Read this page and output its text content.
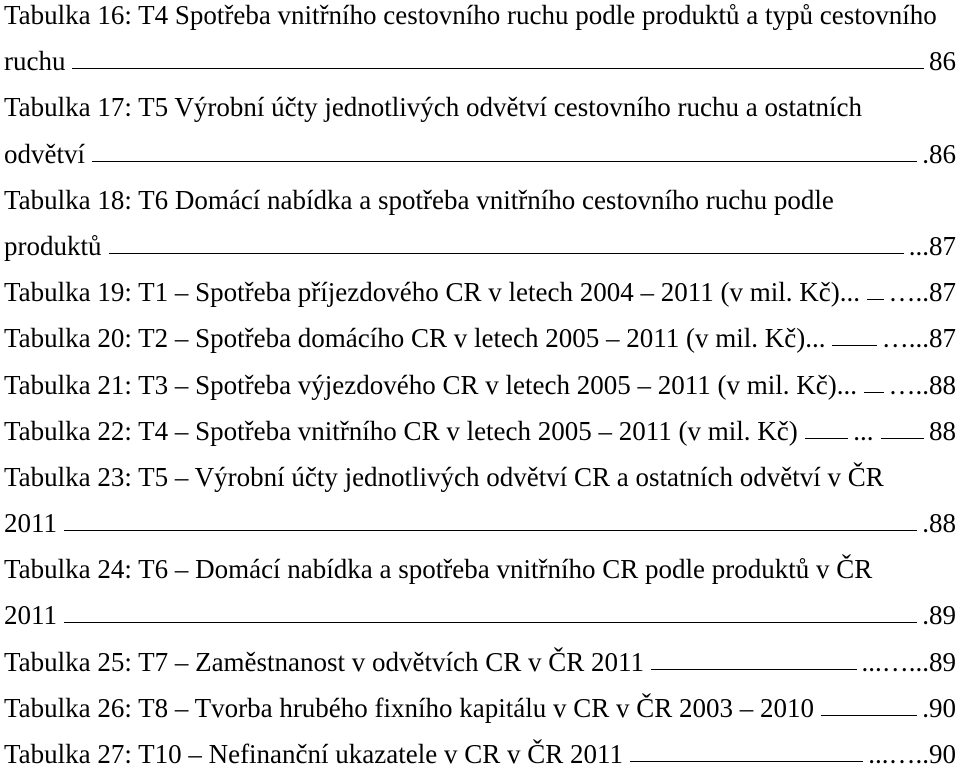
Tabulka 16: T4 Spotřeba vnitřního cestovního ruchu podle produktů a typů cestovního
ruchu	86
Tabulka 17: T5 Výrobní účty jednotlivých odvětví cestovního ruchu a ostatních
odvětví	.86
Tabulka 18: T6 Domácí nabídka a spotřeba vnitřního cestovního ruchu podle
produktů	...87
Tabulka 19: T1 – Spotřeba příjezdového CR v letech 2004 – 2011 (v mil. Kč)... …..87
Tabulka 20: T2 – Spotřeba domácího CR v letech 2005 – 2011 (v mil. Kč)... …...87
Tabulka 21: T3 – Spotřeba výjezdového CR v letech 2005 – 2011 (v mil. Kč)... …..88
Tabulka 22: T4 – Spotřeba vnitřního CR v letech 2005 – 2011 (v mil. Kč) ... 88
Tabulka 23: T5 – Výrobní účty jednotlivých odvětví CR a ostatních odvětví v ČR
2011	.88
Tabulka 24: T6 – Domácí nabídka a spotřeba vnitřního CR podle produktů v ČR
2011	.89
Tabulka 25: T7 – Zaměstnanost v odvětvích CR v ČR 2011	...…...89
Tabulka 26: T8 – Tvorba hrubého fixního kapitálu v CR v ČR 2003 – 2010	.90
Tabulka 27: T10 – Nefinanční ukazatele v CR v ČR 2011	...…..90
